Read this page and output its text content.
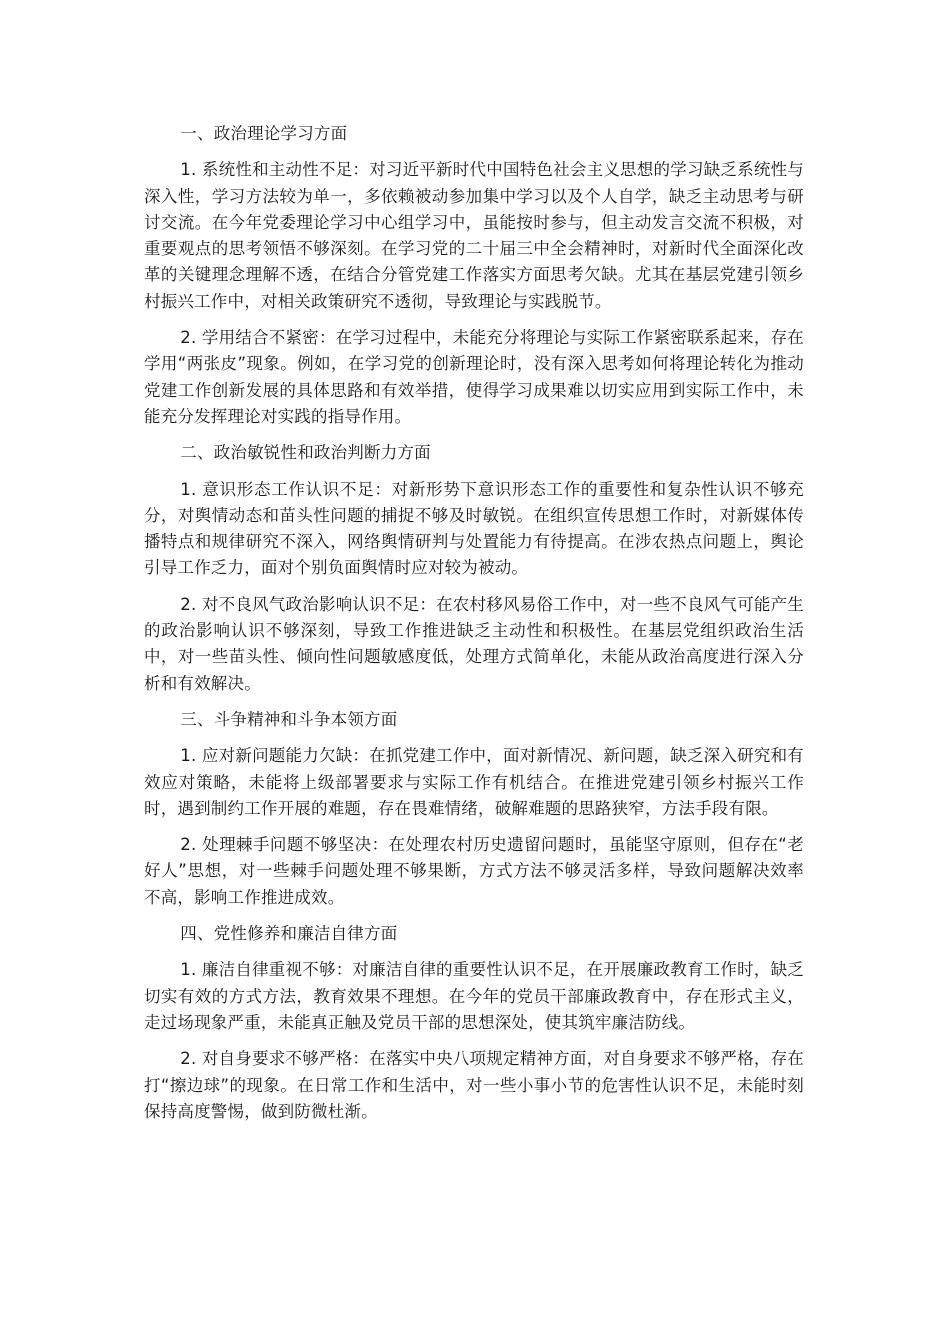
一、政治理论学习方面

1. 系统性和主动性不足：对习近平新时代中国特色社会主义思想的学习缺乏系统性与深入性，学习方法较为单一，多依赖被动参加集中学习以及个人自学，缺乏主动思考与研讨交流。在今年党委理论学习中心组学习中，虽能按时参与，但主动发言交流不积极，对重要观点的思考领悟不够深刻。在学习党的二十届三中全会精神时，对新时代全面深化改革的关键理念理解不透，在结合分管党建工作落实方面思考欠缺。尤其在基层党建引领乡村振兴工作中，对相关政策研究不透彻，导致理论与实践脱节。

2. 学用结合不紧密：在学习过程中，未能充分将理论与实际工作紧密联系起来，存在学用“两张皮”现象。例如，在学习党的创新理论时，没有深入思考如何将理论转化为推动党建工作创新发展的具体思路和有效举措，使得学习成果难以切实应用到实际工作中，未能充分发挥理论对实践的指导作用。

二、政治敏锐性和政治判断力方面

1. 意识形态工作认识不足：对新形势下意识形态工作的重要性和复杂性认识不够充分，对舆情动态和苗头性问题的捕捉不够及时敏锐。在组织宣传思想工作时，对新媒体传播特点和规律研究不深入，网络舆情研判与处置能力有待提高。在涉农热点问题上，舆论引导工作乏力，面对个别负面舆情时应对较为被动。

2. 对不良风气政治影响认识不足：在农村移风易俗工作中，对一些不良风气可能产生的政治影响认识不够深刻，导致工作推进缺乏主动性和积极性。在基层党组织政治生活中，对一些苗头性、倾向性问题敏感度低，处理方式简单化，未能从政治高度进行深入分析和有效解决。

三、斗争精神和斗争本领方面

1. 应对新问题能力欠缺：在抓党建工作中，面对新情况、新问题，缺乏深入研究和有效应对策略，未能将上级部署要求与实际工作有机结合。在推进党建引领乡村振兴工作时，遇到制约工作开展的难题，存在畏难情绪，破解难题的思路狭窄，方法手段有限。

2. 处理棘手问题不够坚决：在处理农村历史遗留问题时，虽能坚守原则，但存在“老好人”思想，对一些棘手问题处理不够果断，方式方法不够灵活多样，导致问题解决效率不高，影响工作推进成效。

四、党性修养和廉洁自律方面

1. 廉洁自律重视不够：对廉洁自律的重要性认识不足，在开展廉政教育工作时，缺乏切实有效的方式方法，教育效果不理想。在今年的党员干部廉政教育中，存在形式主义，走过场现象严重，未能真正触及党员干部的思想深处，使其筑牢廉洁防线。

2. 对自身要求不够严格：在落实中央八项规定精神方面，对自身要求不够严格，存在打“擦边球”的现象。在日常工作和生活中，对一些小事小节的危害性认识不足，未能时刻保持高度警惕，做到防微杜渐。
